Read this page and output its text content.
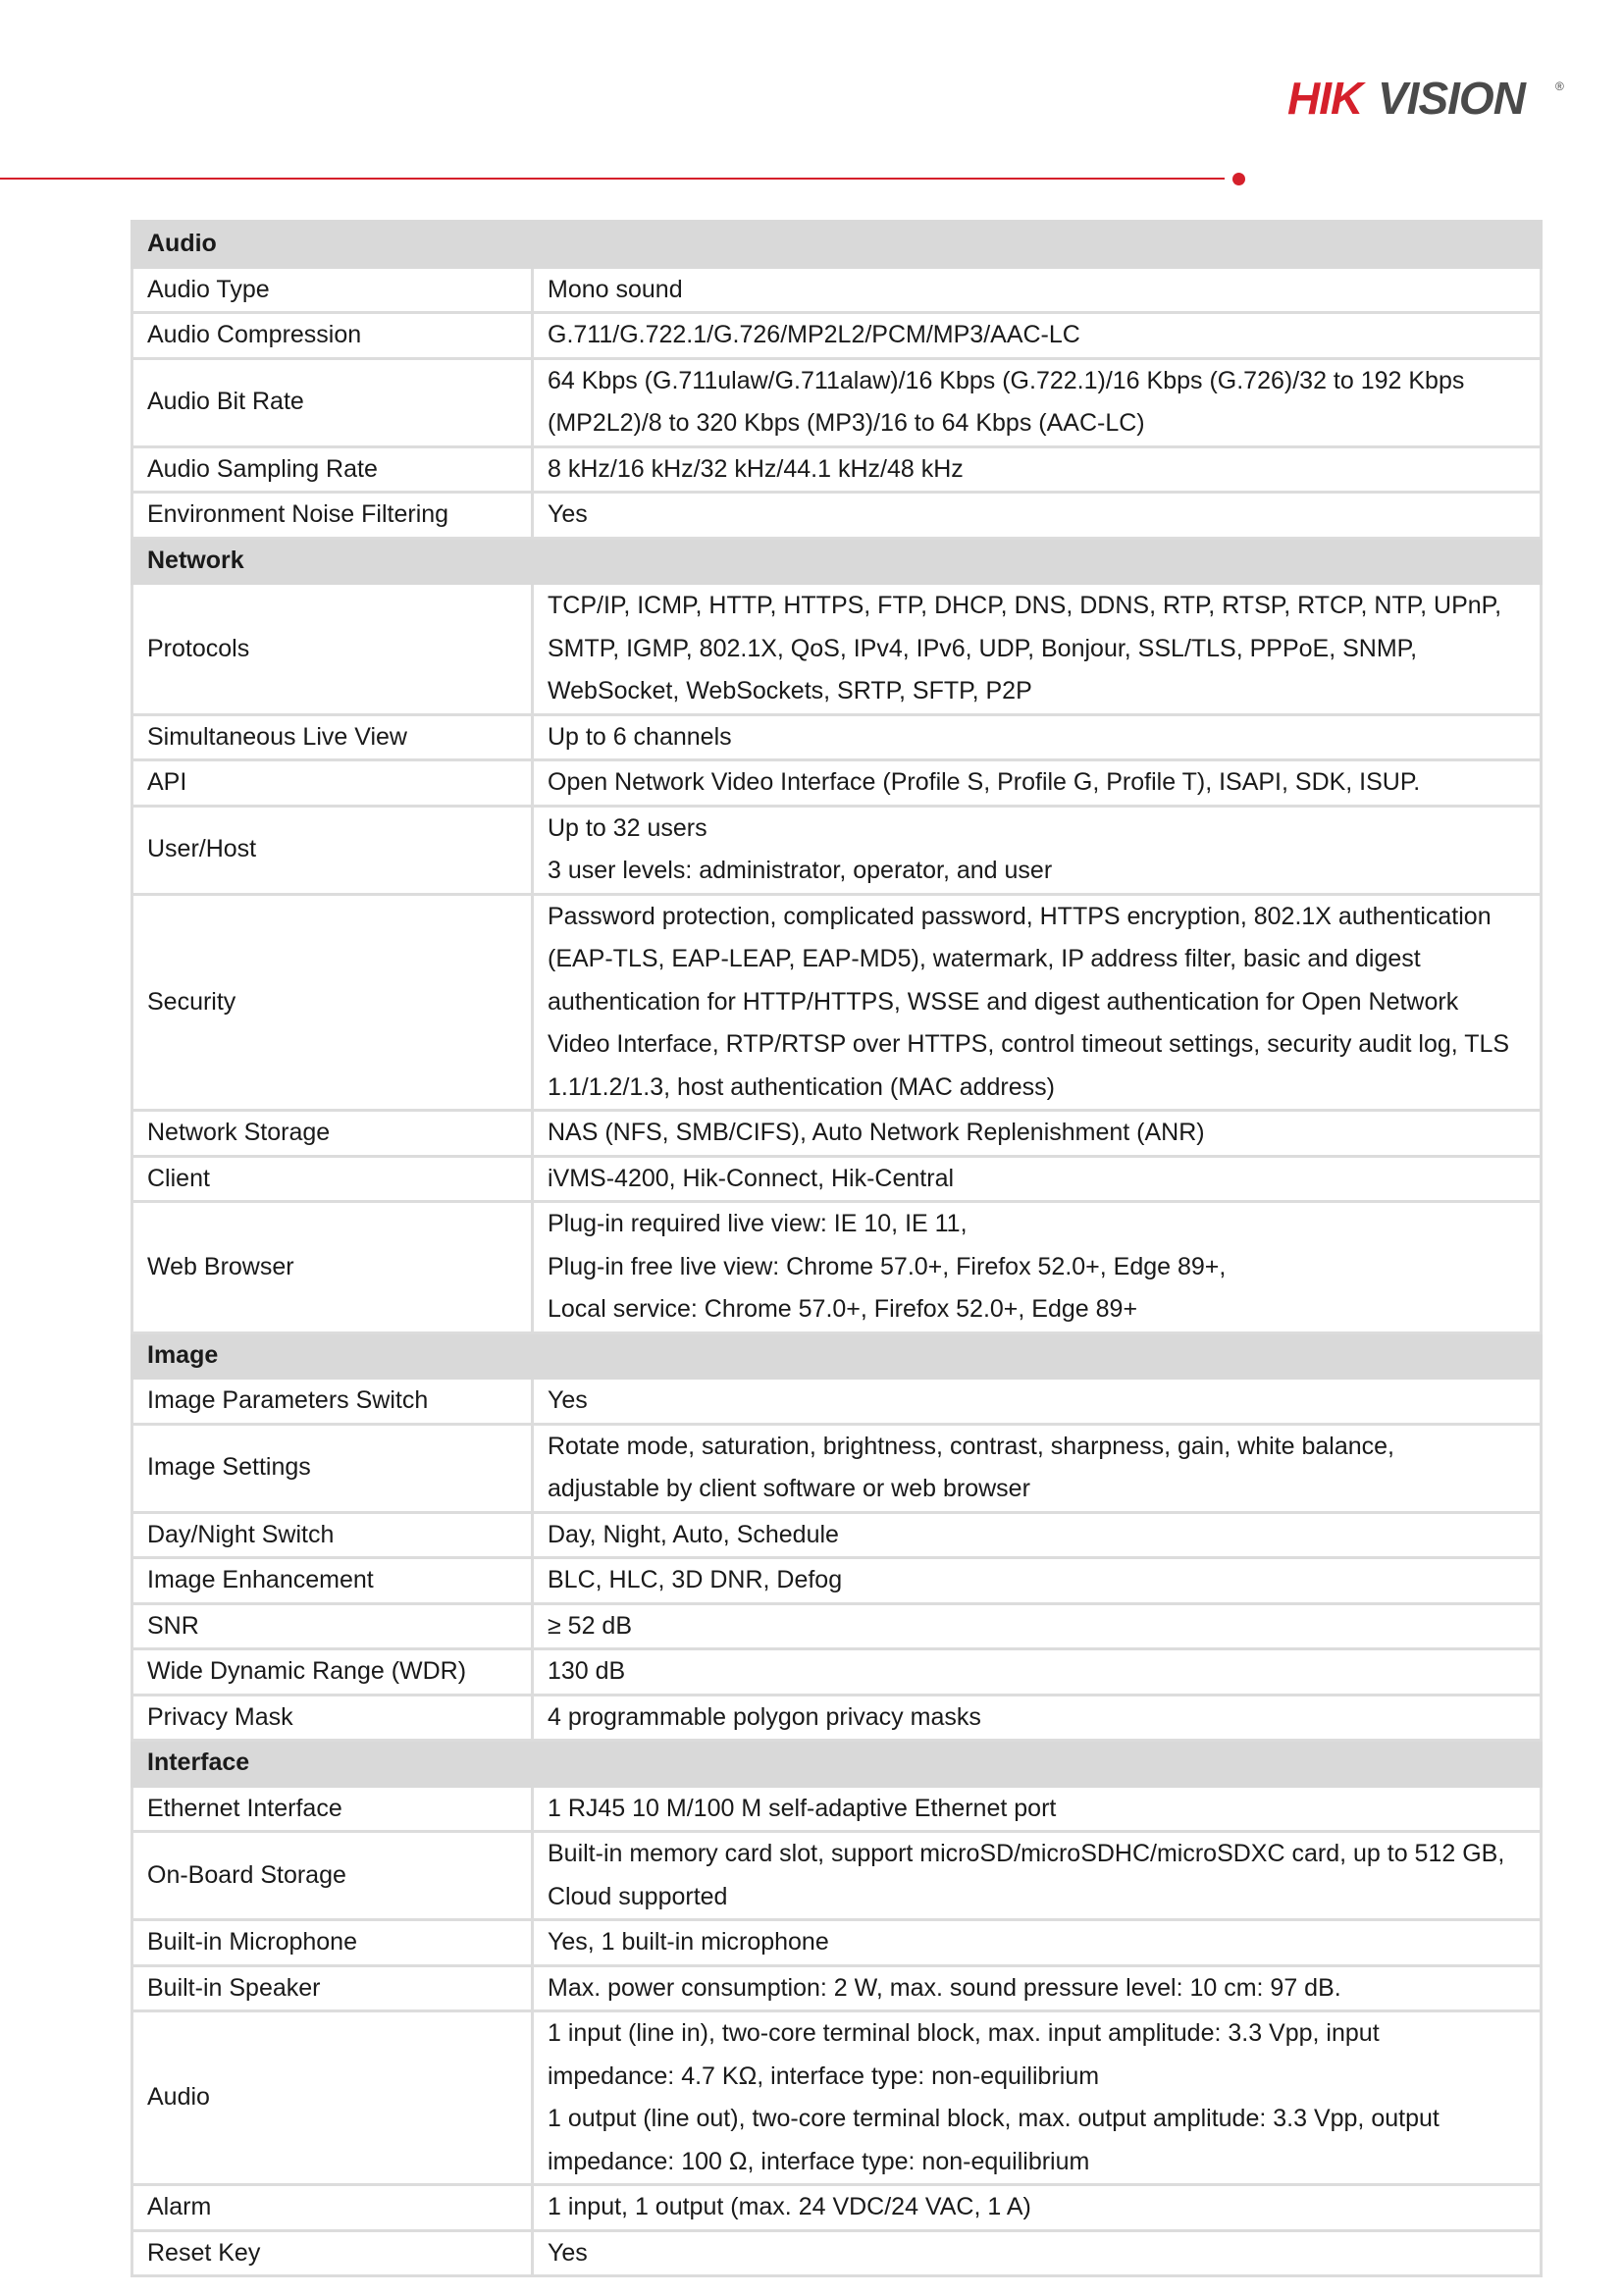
HIK VISION	®
Audio	
Audio Type	Mono sound

Audio Compression	G.711/G.722.1/G.726/MP2L2/PCM/MP3/AAC-LC

Audio Bit Rate	64 Kbps (G.711ulaw/G.711alaw)/16 Kbps (G.722.1)/16 Kbps (G.726)/32 to 192 Kbps
(MP2L2)/8 to 320 Kbps (MP3)/16 to 64 Kbps (AAC-LC)

Audio Sampling Rate	8 kHz/16 kHz/32 kHz/44.1 kHz/48 kHz

Environment Noise Filtering	Yes

Network	
Protocols	TCP/IP, ICMP, HTTP, HTTPS, FTP, DHCP, DNS, DDNS, RTP, RTSP, RTCP, NTP, UPnP,
SMTP, IGMP, 802.1X, QoS, IPv4, IPv6, UDP, Bonjour, SSL/TLS, PPPoE, SNMP,
WebSocket, WebSockets, SRTP, SFTP, P2P

Simultaneous Live View	Up to 6 channels

API	Open Network Video Interface (Profile S, Profile G, Profile T), ISAPI, SDK, ISUP.

User/Host	Up to 32 users
3 user levels: administrator, operator, and user

Security	Password protection, complicated password, HTTPS encryption, 802.1X authentication
(EAP-TLS, EAP-LEAP, EAP-MD5), watermark, IP address filter, basic and digest
authentication for HTTP/HTTPS, WSSE and digest authentication for Open Network
Video Interface, RTP/RTSP over HTTPS, control timeout settings, security audit log, TLS
1.1/1.2/1.3, host authentication (MAC address)

Network Storage	NAS (NFS, SMB/CIFS), Auto Network Replenishment (ANR)

Client	iVMS-4200, Hik-Connect, Hik-Central

Web Browser	Plug-in required live view: IE 10, IE 11,
Plug-in free live view: Chrome 57.0+, Firefox 52.0+, Edge 89+,
Local service: Chrome 57.0+, Firefox 52.0+, Edge 89+

Image	
Image Parameters Switch	Yes

Image Settings	Rotate mode, saturation, brightness, contrast, sharpness, gain, white balance,
adjustable by client software or web browser

Day/Night Switch	Day, Night, Auto, Schedule

Image Enhancement	BLC, HLC, 3D DNR, Defog

SNR	≥ 52 dB

Wide Dynamic Range (WDR)	130 dB

Privacy Mask	4 programmable polygon privacy masks

Interface	
Ethernet Interface	1 RJ45 10 M/100 M self-adaptive Ethernet port

On-Board Storage	Built-in memory card slot, support microSD/microSDHC/microSDXC card, up to 512 GB,
Cloud supported

Built-in Microphone	Yes, 1 built-in microphone

Built-in Speaker	Max. power consumption: 2 W, max. sound pressure level: 10 cm: 97 dB.

Audio	1 input (line in), two-core terminal block, max. input amplitude: 3.3 Vpp, input
impedance: 4.7 KΩ, interface type: non-equilibrium
1 output (line out), two-core terminal block, max. output amplitude: 3.3 Vpp, output
impedance: 100 Ω, interface type: non-equilibrium

Alarm	1 input, 1 output (max. 24 VDC/24 VAC, 1 A)

Reset Key	Yes
